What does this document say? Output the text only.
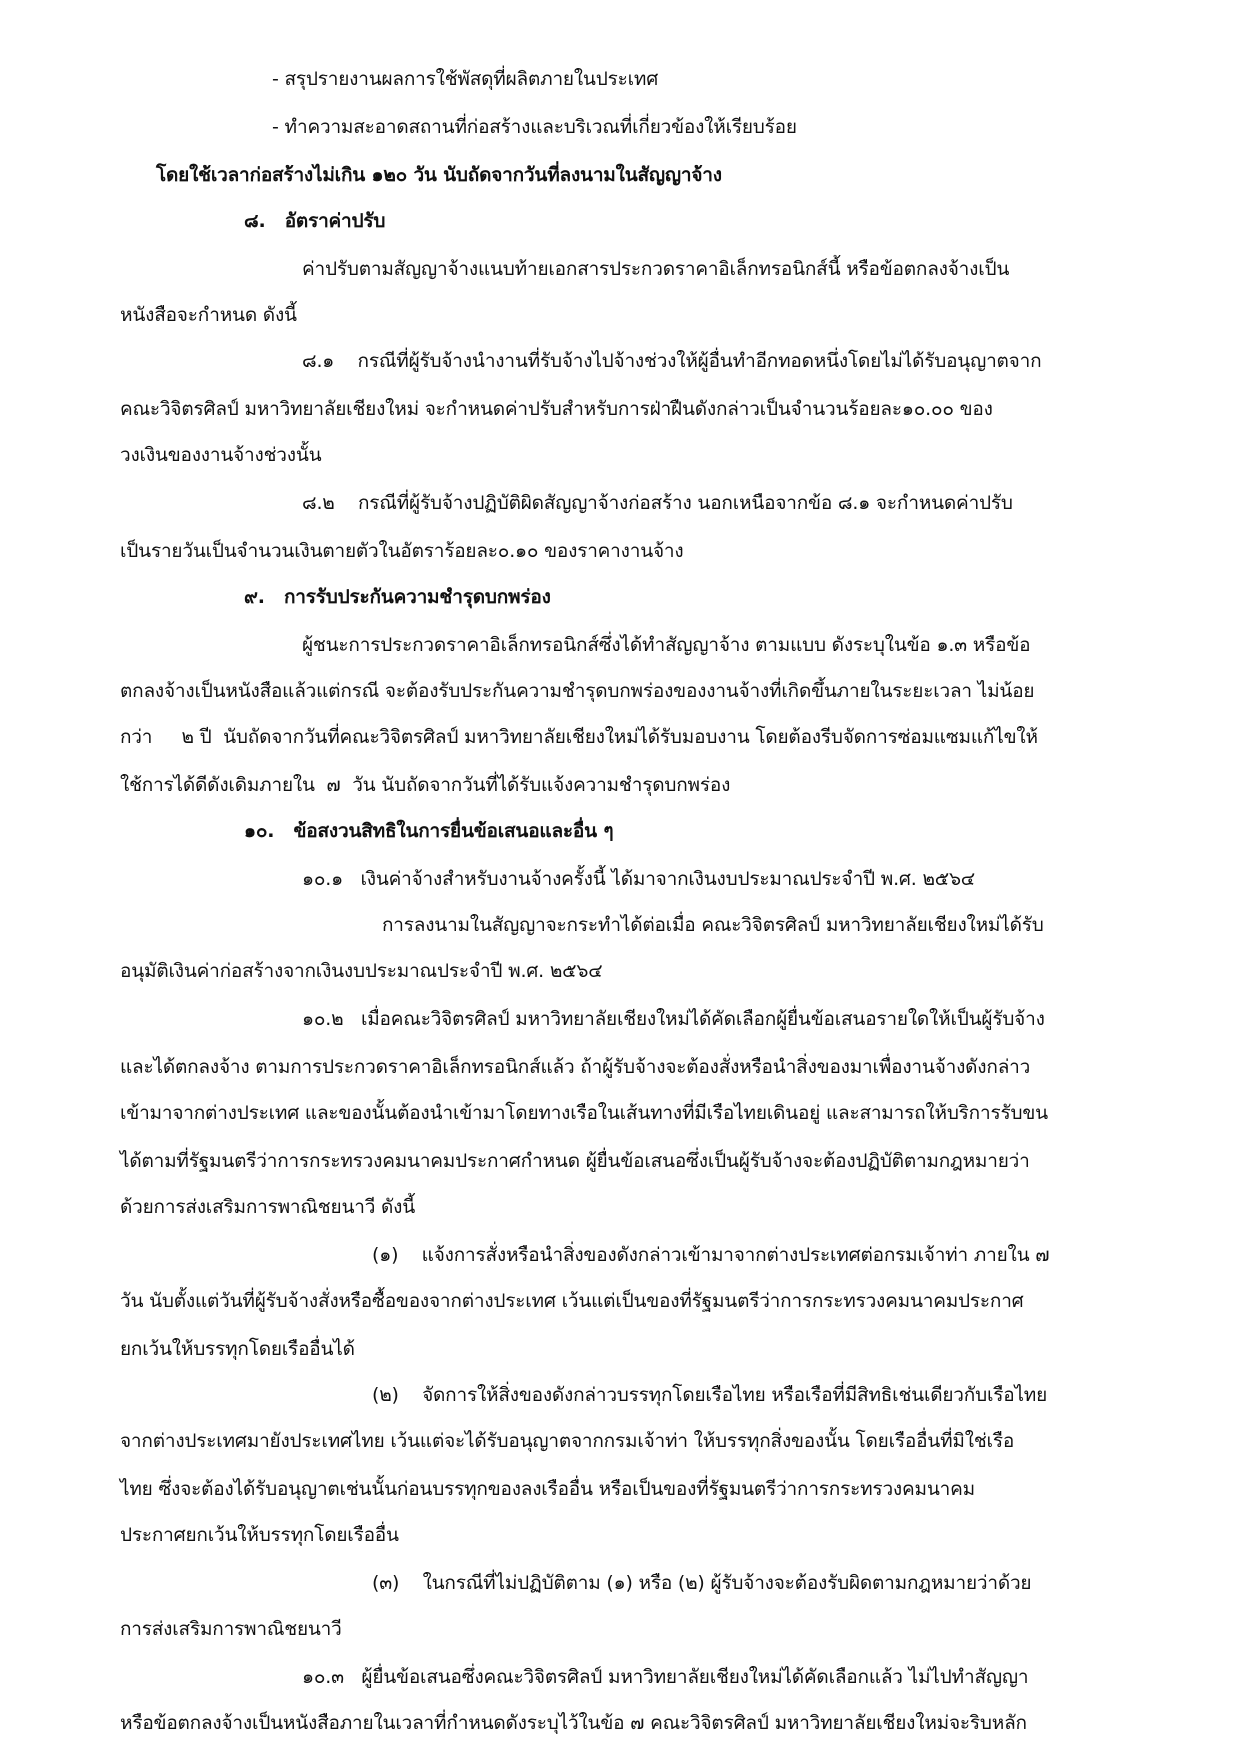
- สรุปรายงานผลการใช้พัสดุที่ผลิตภายในประเทศ
- ทำความสะอาดสถานที่ก่อสร้างและบริเวณที่เกี่ยวข้องให้เรียบร้อย
โดยใช้เวลาก่อสร้างไม่เกิน ๑๒๐ วัน นับถัดจากวันที่ลงนามในสัญญาจ้าง
๘.   อัตราค่าปรับ
ค่าปรับตามสัญญาจ้างแนบท้ายเอกสารประกวดราคาอิเล็กทรอนิกส์นี้ หรือข้อตกลงจ้างเป็น
หนังสือจะกำหนด ดังนี้
๘.๑    กรณีที่ผู้รับจ้างนำงานที่รับจ้างไปจ้างช่วงให้ผู้อื่นทำอีกทอดหนึ่งโดยไม่ได้รับอนุญาตจาก
คณะวิจิตรศิลป์ มหาวิทยาลัยเชียงใหม่ จะกำหนดค่าปรับสำหรับการฝ่าฝืนดังกล่าวเป็นจำนวนร้อยละ๑๐.๐๐ ของ
วงเงินของงานจ้างช่วงนั้น
๘.๒    กรณีที่ผู้รับจ้างปฏิบัติผิดสัญญาจ้างก่อสร้าง นอกเหนือจากข้อ ๘.๑ จะกำหนดค่าปรับ
เป็นรายวันเป็นจำนวนเงินตายตัวในอัตราร้อยละ๐.๑๐ ของราคางานจ้าง
๙.   การรับประกันความชำรุดบกพร่อง
ผู้ชนะการประกวดราคาอิเล็กทรอนิกส์ซึ่งได้ทำสัญญาจ้าง ตามแบบ ดังระบุในข้อ ๑.๓ หรือข้อ
ตกลงจ้างเป็นหนังสือแล้วแต่กรณี จะต้องรับประกันความชำรุดบกพร่องของงานจ้างที่เกิดขึ้นภายในระยะเวลา ไม่น้อย
กว่า     ๒ ปี  นับถัดจากวันที่คณะวิจิตรศิลป์ มหาวิทยาลัยเชียงใหม่ได้รับมอบงาน โดยต้องรีบจัดการซ่อมแซมแก้ไขให้
ใช้การได้ดีดังเดิมภายใน  ๗  วัน นับถัดจากวันที่ได้รับแจ้งความชำรุดบกพร่อง
๑๐.   ข้อสงวนสิทธิในการยื่นข้อเสนอและอื่น ๆ
๑๐.๑   เงินค่าจ้างสำหรับงานจ้างครั้งนี้ ได้มาจากเงินงบประมาณประจำปี พ.ศ. ๒๕๖๔
การลงนามในสัญญาจะกระทำได้ต่อเมื่อ คณะวิจิตรศิลป์ มหาวิทยาลัยเชียงใหม่ได้รับ
อนุมัติเงินค่าก่อสร้างจากเงินงบประมาณประจำปี พ.ศ. ๒๕๖๔
๑๐.๒   เมื่อคณะวิจิตรศิลป์ มหาวิทยาลัยเชียงใหม่ได้คัดเลือกผู้ยื่นข้อเสนอรายใดให้เป็นผู้รับจ้าง
และได้ตกลงจ้าง ตามการประกวดราคาอิเล็กทรอนิกส์แล้ว ถ้าผู้รับจ้างจะต้องสั่งหรือนำสิ่งของมาเพื่องานจ้างดังกล่าว
เข้ามาจากต่างประเทศ และของนั้นต้องนำเข้ามาโดยทางเรือในเส้นทางที่มีเรือไทยเดินอยู่ และสามารถให้บริการรับขน
ได้ตามที่รัฐมนตรีว่าการกระทรวงคมนาคมประกาศกำหนด ผู้ยื่นข้อเสนอซึ่งเป็นผู้รับจ้างจะต้องปฏิบัติตามกฎหมายว่า
ด้วยการส่งเสริมการพาณิชยนาวี ดังนี้
(๑)    แจ้งการสั่งหรือนำสิ่งของดังกล่าวเข้ามาจากต่างประเทศต่อกรมเจ้าท่า ภายใน ๗
วัน นับตั้งแต่วันที่ผู้รับจ้างสั่งหรือซื้อของจากต่างประเทศ เว้นแต่เป็นของที่รัฐมนตรีว่าการกระทรวงคมนาคมประกาศ
ยกเว้นให้บรรทุกโดยเรืออื่นได้
(๒)    จัดการให้สิ่งของดังกล่าวบรรทุกโดยเรือไทย หรือเรือที่มีสิทธิเช่นเดียวกับเรือไทย
จากต่างประเทศมายังประเทศไทย เว้นแต่จะได้รับอนุญาตจากกรมเจ้าท่า ให้บรรทุกสิ่งของนั้น โดยเรืออื่นที่มิใช่เรือ
ไทย ซึ่งจะต้องได้รับอนุญาตเช่นนั้นก่อนบรรทุกของลงเรืออื่น หรือเป็นของที่รัฐมนตรีว่าการกระทรวงคมนาคม
ประกาศยกเว้นให้บรรทุกโดยเรืออื่น
(๓)    ในกรณีที่ไม่ปฏิบัติตาม (๑) หรือ (๒) ผู้รับจ้างจะต้องรับผิดตามกฎหมายว่าด้วย
การส่งเสริมการพาณิชยนาวี
๑๐.๓   ผู้ยื่นข้อเสนอซึ่งคณะวิจิตรศิลป์ มหาวิทยาลัยเชียงใหม่ได้คัดเลือกแล้ว ไม่ไปทำสัญญา
หรือข้อตกลงจ้างเป็นหนังสือภายในเวลาที่กำหนดดังระบุไว้ในข้อ ๗ คณะวิจิตรศิลป์ มหาวิทยาลัยเชียงใหม่จะริบหลัก
